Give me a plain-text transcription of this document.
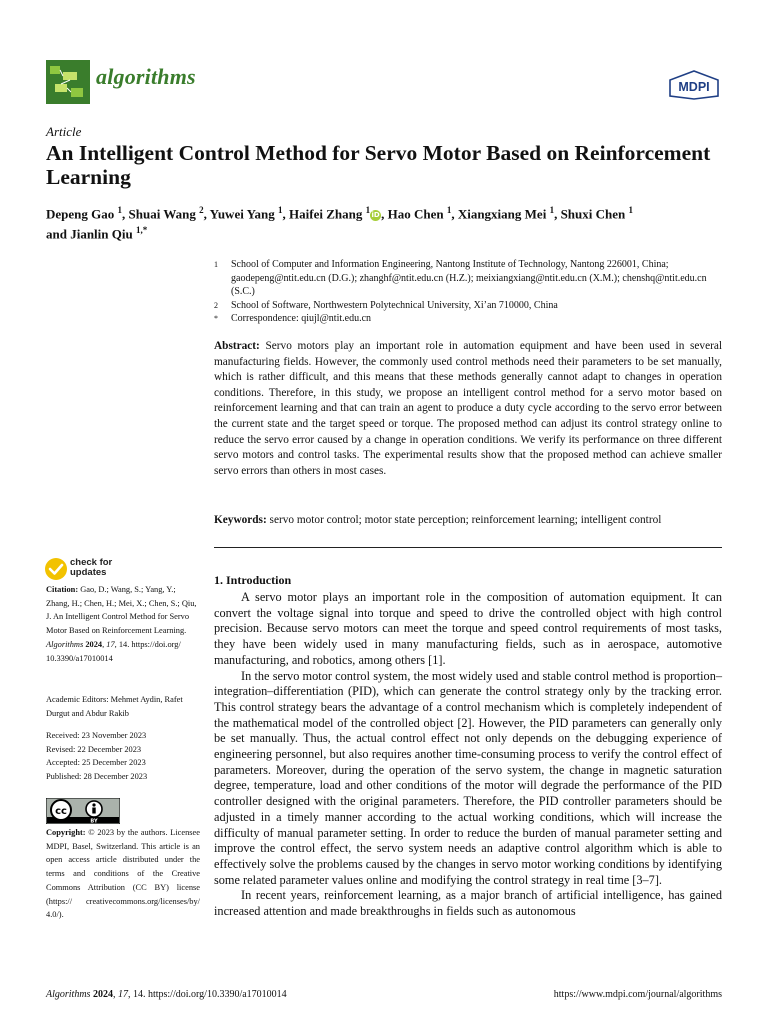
algorithms	MDPI
Article
An Intelligent Control Method for Servo Motor Based on Reinforcement Learning
Depeng Gao $^1$, Shuai Wang $^2$, Yuwei Yang $^1$, Haifei Zhang $^1$iD, Hao Chen $^1$, Xiangxiang Mei $^1$, Shuxi Chen $^1$
and Jianlin Qiu $^{1,*}$
1 School of Computer and Information Engineering, Nantong Institute of Technology, Nantong 226001, China; gaodepeng@ntit.edu.cn (D.G.); zhanghf@ntit.edu.cn (H.Z.); meixiangxiang@ntit.edu.cn (X.M.); chenshq@ntit.edu.cn (S.C.)
2 School of Software, Northwestern Polytechnical University, Xi’an 710000, China
* Correspondence: qiujl@ntit.edu.cn
Abstract: Servo motors play an important role in automation equipment and have been used in several manufacturing fields. However, the commonly used control methods need their parameters to be set manually, which is rather difficult, and this means that these methods generally cannot adapt to changes in operation conditions. Therefore, in this study, we propose an intelligent control method for a servo motor based on reinforcement learning and that can train an agent to produce a duty cycle according to the servo error between the current state and the target speed or torque. The proposed method can adjust its control strategy online to reduce the servo error caused by a change in operation conditions. We verify its performance on three different servo motors and control tasks. The experimental results show that the proposed method can achieve smaller servo errors than others in most cases.
Keywords: servo motor control; motor state perception; reinforcement learning; intelligent control
check for
updates
Citation: Gao, D.; Wang, S.; Yang, Y.; Zhang, H.; Chen, H.; Mei, X.; Chen, S.; Qiu, J. An Intelligent Control Method for Servo Motor Based on Reinforcement Learning. Algorithms 2024, 17, 14. https://doi.org/ 10.3390/a17010014
Academic Editors: Mehmet Aydin, Rafet Durgut and Abdur Rakib
Received: 23 November 2023
Revised: 22 December 2023
Accepted: 25 December 2023
Published: 28 December 2023
cc
BY
Copyright: © 2023 by the authors. Licensee MDPI, Basel, Switzerland. This article is an open access article distributed under the terms and conditions of the Creative Commons Attribution (CC BY) license (https:// creativecommons.org/licenses/by/ 4.0/).
1. Introduction

A servo motor plays an important role in the composition of automation equipment. It can convert the voltage signal into torque and speed to drive the controlled object with high control precision. Because servo motors can meet the torque and speed control requirements of most tasks, they have been widely used in many manufacturing fields, such as in aerospace, automotive manufacturing, and robotics, among others [1].

In the servo motor control system, the most widely used and stable control method is proportion–integration–differentiation (PID), which can generate the control strategy only by the tracking error. This control strategy bears the advantage of a control mechanism which is completely independent of the mathematical model of the controlled object [2]. However, the PID parameters can generally only be set manually. Thus, the actual control effect not only depends on the debugging experience of engineering personnel, but also requires another time-consuming process to verify the control effect of parameters. Moreover, during the operation of the servo system, the change in magnetic saturation degree, temperature, load and other conditions of the motor will degrade the performance of the PID controller designed with the original parameters. Therefore, the PID controller parameters should be adjusted in a timely manner according to the actual working conditions, which will increase the difficulty of manual parameter setting. In order to reduce the burden of manual parameter setting and improve the control effect, the servo system needs an adaptive control algorithm which is able to effectively solve the problems caused by the changes in servo motor working conditions by identifying some related parameter values online and modifying the control strategy in real time [3–7].

In recent years, reinforcement learning, as a major branch of artificial intelligence, has gained increased attention and made breakthroughs in fields such as autonomous

Algorithms 2024, 17, 14. https://doi.org/10.3390/a17010014	https://www.mdpi.com/journal/algorithms
